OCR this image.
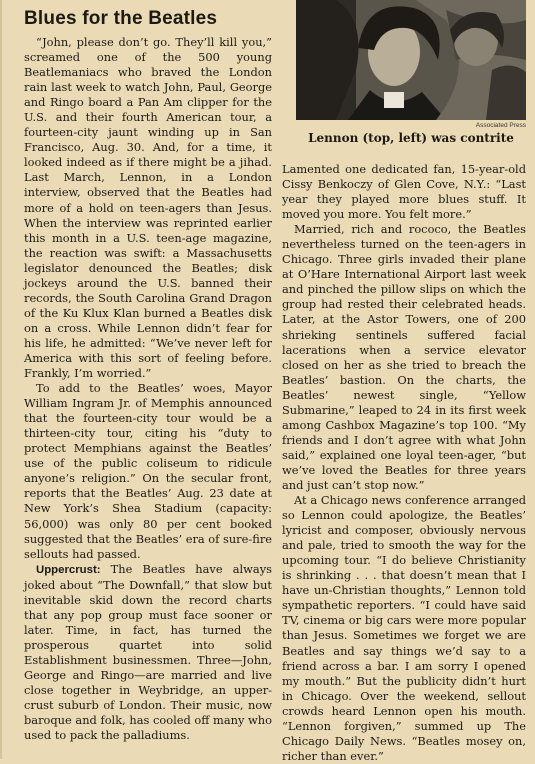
Blues for the Beatles

“John, please don’t go. They’ll kill you,” screamed one of the 500 young Beatlemaniacs who braved the London rain last week to watch John, Paul, George and Ringo board a Pan Am clipper for the U.S. and their fourth American tour, a fourteen-city jaunt winding up in San Francisco, Aug. 30. And, for a time, it looked indeed as if there might be a jihad. Last March, Lennon, in a London interview, observed that the Beatles had more of a hold on teen-agers than Jesus. When the interview was reprinted earlier this month in a U.S. teen-age magazine, the reaction was swift: a Massachusetts legislator denounced the Beatles; disk jockeys around the U.S. banned their records, the South Carolina Grand Dragon of the Ku Klux Klan burned a Beatles disk on a cross. While Lennon didn’t fear for his life, he admitted: “We’ve never left for America with this sort of feeling before. Frankly, I’m worried.”

To add to the Beatles’ woes, Mayor William Ingram Jr. of Memphis announced that the fourteen-city tour would be a thirteen-city tour, citing his “duty to protect Memphians against the Beatles’ use of the public coliseum to ridicule anyone’s religion.” On the secular front, reports that the Beatles’ Aug. 23 date at New York’s Shea Stadium (capacity: 56,000) was only 80 per cent booked suggested that the Beatles’ era of sure-fire sellouts had passed.

Uppercrust: The Beatles have always joked about “The Downfall,” that slow but inevitable skid down the record charts that any pop group must face sooner or later. Time, in fact, has turned the prosperous quartet into solid Establishment businessmen. Three—John, George and Ringo—are married and live close together in Weybridge, an upper-crust suburb of London. Their music, now baroque and folk, has cooled off many who used to pack the palladiums.

Associated Press
Lennon (top, left) was contrite

Lamented one dedicated fan, 15-year-old Cissy Benkoczy of Glen Cove, N.Y.: “Last year they played more blues stuff. It moved you more. You felt more.”

Married, rich and rococo, the Beatles nevertheless turned on the teen-agers in Chicago. Three girls invaded their plane at O’Hare International Airport last week and pinched the pillow slips on which the group had rested their celebrated heads. Later, at the Astor Towers, one of 200 shrieking sentinels suffered facial lacerations when a service elevator closed on her as she tried to breach the Beatles’ bastion. On the charts, the Beatles’ newest single, “Yellow Submarine,” leaped to 24 in its first week among Cashbox Magazine’s top 100. “My friends and I don’t agree with what John said,” explained one loyal teen-ager, “but we’ve loved the Beatles for three years and just can’t stop now.”

At a Chicago news conference arranged so Lennon could apologize, the Beatles’ lyricist and composer, obviously nervous and pale, tried to smooth the way for the upcoming tour. “I do believe Christianity is shrinking . . . that doesn’t mean that I have un-Christian thoughts,” Lennon told sympathetic reporters. “I could have said TV, cinema or big cars were more popular than Jesus. Sometimes we forget we are Beatles and say things we’d say to a friend across a bar. I am sorry I opened my mouth.” But the publicity didn’t hurt in Chicago. Over the weekend, sellout crowds heard Lennon open his mouth. “Lennon forgiven,” summed up The Chicago Daily News. “Beatles mosey on, richer than ever.”
